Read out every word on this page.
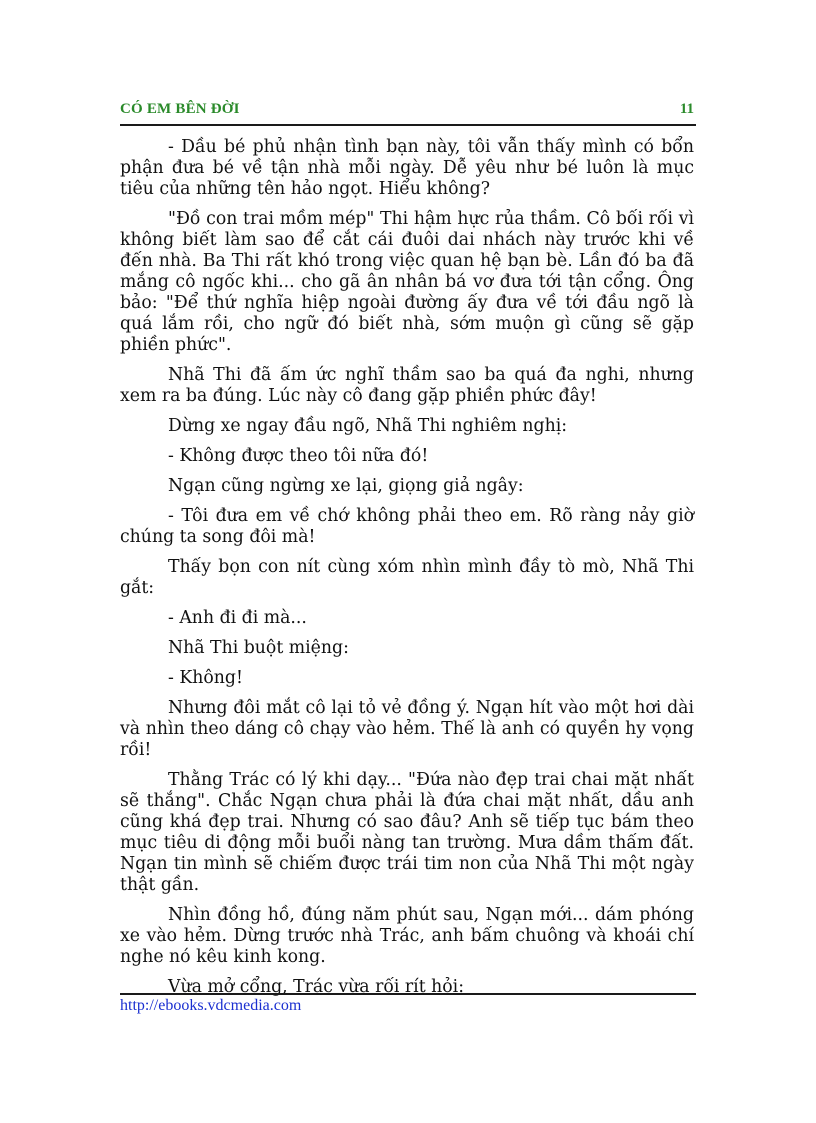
CÓ EM BÊN ĐỜI	11

- Dầu bé phủ nhận tình bạn này, tôi vẫn thấy mình có bổn phận đưa bé về tận nhà mỗi ngày. Dễ yêu như bé luôn là mục tiêu của những tên hảo ngọt. Hiểu không?

"Đồ con trai mồm mép" Thi hậm hực rủa thầm. Cô bối rối vì không biết làm sao để cắt cái đuôi dai nhách này trước khi về đến nhà. Ba Thi rất khó trong việc quan hệ bạn bè. Lần đó ba đã mắng cô ngốc khi... cho gã ân nhân bá vơ đưa tới tận cổng. Ông bảo: "Để thứ nghĩa hiệp ngoài đường ấy đưa về tới đầu ngõ là quá lắm rồi, cho ngữ đó biết nhà, sớm muộn gì cũng sẽ gặp phiền phức".

Nhã Thi đã ấm ức nghĩ thầm sao ba quá đa nghi, nhưng xem ra ba đúng. Lúc này cô đang gặp phiền phức đây!

Dừng xe ngay đầu ngõ, Nhã Thi nghiêm nghị:

- Không được theo tôi nữa đó!

Ngạn cũng ngừng xe lại, giọng giả ngây:

- Tôi đưa em về chớ không phải theo em. Rõ ràng nảy giờ chúng ta song đôi mà!

Thấy bọn con nít cùng xóm nhìn mình đầy tò mò, Nhã Thi gắt:

- Anh đi đi mà...

Nhã Thi buột miệng:

- Không!

Nhưng đôi mắt cô lại tỏ vẻ đồng ý. Ngạn hít vào một hơi dài và nhìn theo dáng cô chạy vào hẻm. Thế là anh có quyền hy vọng rồi!

Thằng Trác có lý khi dạy... "Đứa nào đẹp trai chai mặt nhất sẽ thắng". Chắc Ngạn chưa phải là đứa chai mặt nhất, dầu anh cũng khá đẹp trai. Nhưng có sao đâu? Anh sẽ tiếp tục bám theo mục tiêu di động mỗi buổi nàng tan trường. Mưa dầm thấm đất. Ngạn tin mình sẽ chiếm được trái tim non của Nhã Thi một ngày thật gần.

Nhìn đồng hồ, đúng năm phút sau, Ngạn mới... dám phóng xe vào hẻm. Dừng trước nhà Trác, anh bấm chuông và khoái chí nghe nó kêu kinh kong.

Vừa mở cổng, Trác vừa rối rít hỏi:

http://ebooks.vdcmedia.com
